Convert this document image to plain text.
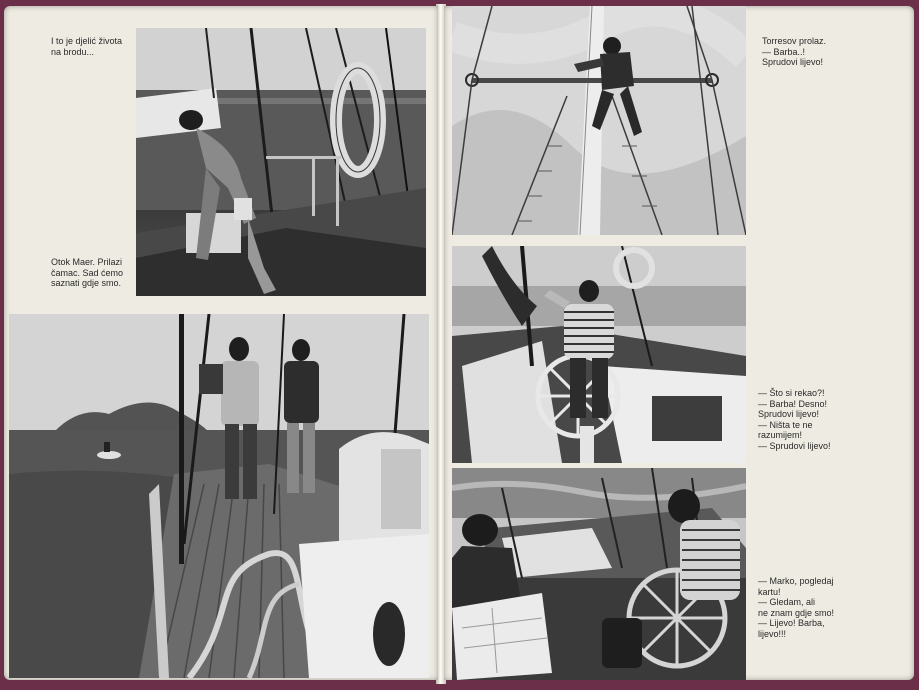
I to je djelić života
na brodu...

Otok Maer. Prilazi
čamac. Sad ćemo
saznati gdje smo.

Torresov prolaz.
— Barba..!
Sprudovi lijevo!

— Što si rekao?!
— Barba! Desno!
Sprudovi lijevo!
— Ništa te ne
razumijem!
— Sprudovi lijevo!

— Marko, pogledaj
kartu!
— Gledam, ali
ne znam gdje smo!
— Lijevo! Barba,
lijevo!!!
